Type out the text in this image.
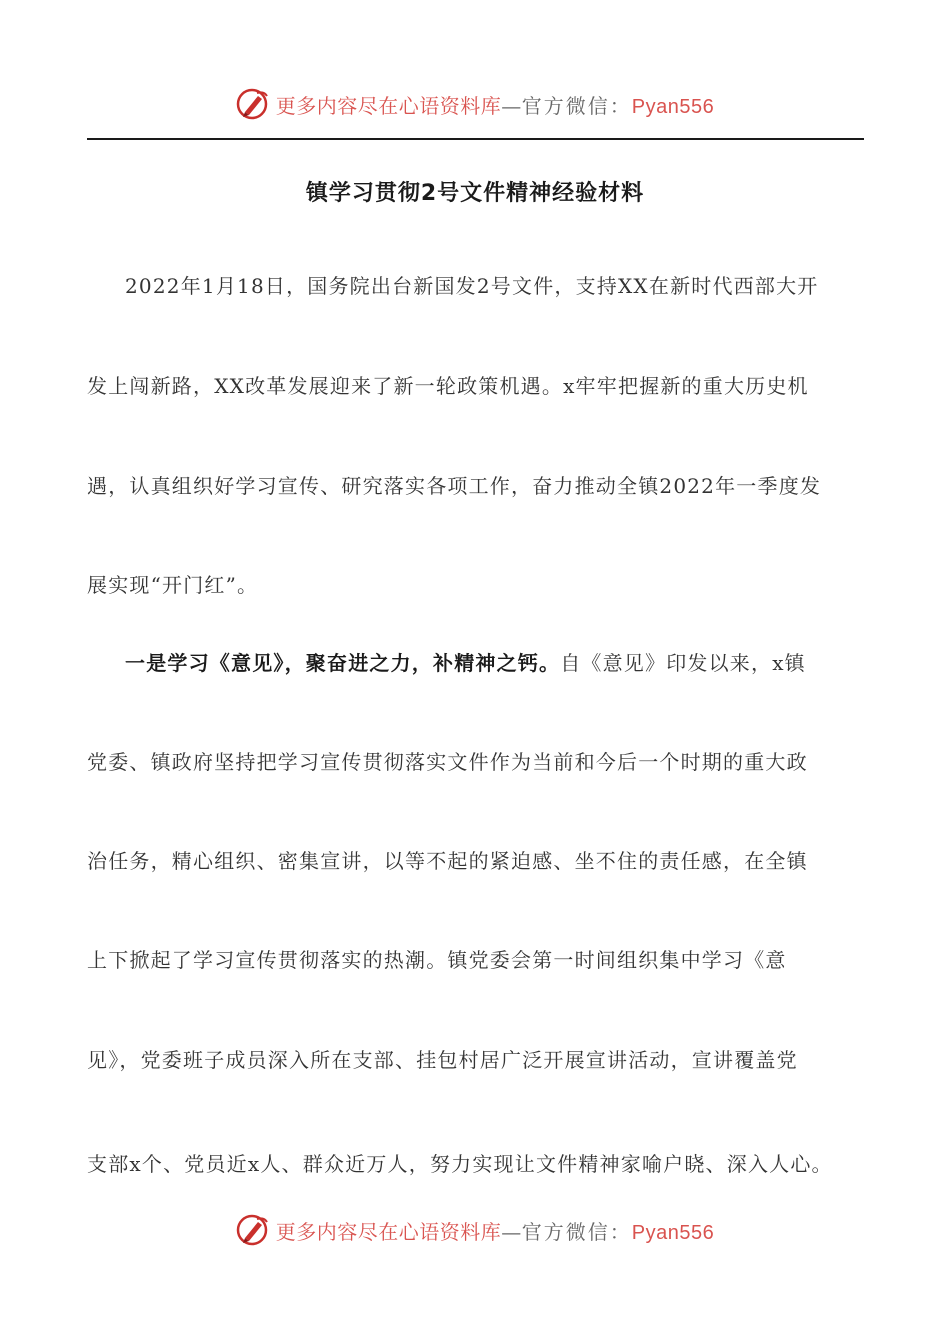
更多内容尽在心语资料库—官方微信：Pyan556
镇学习贯彻2号文件精神经验材料
2022年1月18日，国务院出台新国发2号文件，支持XX在新时代西部大开
发上闯新路，XX改革发展迎来了新一轮政策机遇。x牢牢把握新的重大历史机
遇，认真组织好学习宣传、研究落实各项工作，奋力推动全镇2022年一季度发
展实现“开门红”。
一是学习《意见》，聚奋进之力，补精神之钙。自《意见》印发以来，x镇
党委、镇政府坚持把学习宣传贯彻落实文件作为当前和今后一个时期的重大政
治任务，精心组织、密集宣讲，以等不起的紧迫感、坐不住的责任感，在全镇
上下掀起了学习宣传贯彻落实的热潮。镇党委会第一时间组织集中学习《意
见》，党委班子成员深入所在支部、挂包村居广泛开展宣讲活动，宣讲覆盖党
支部x个、党员近x人、群众近万人，努力实现让文件精神家喻户晓、深入人心。
更多内容尽在心语资料库—官方微信：Pyan556
